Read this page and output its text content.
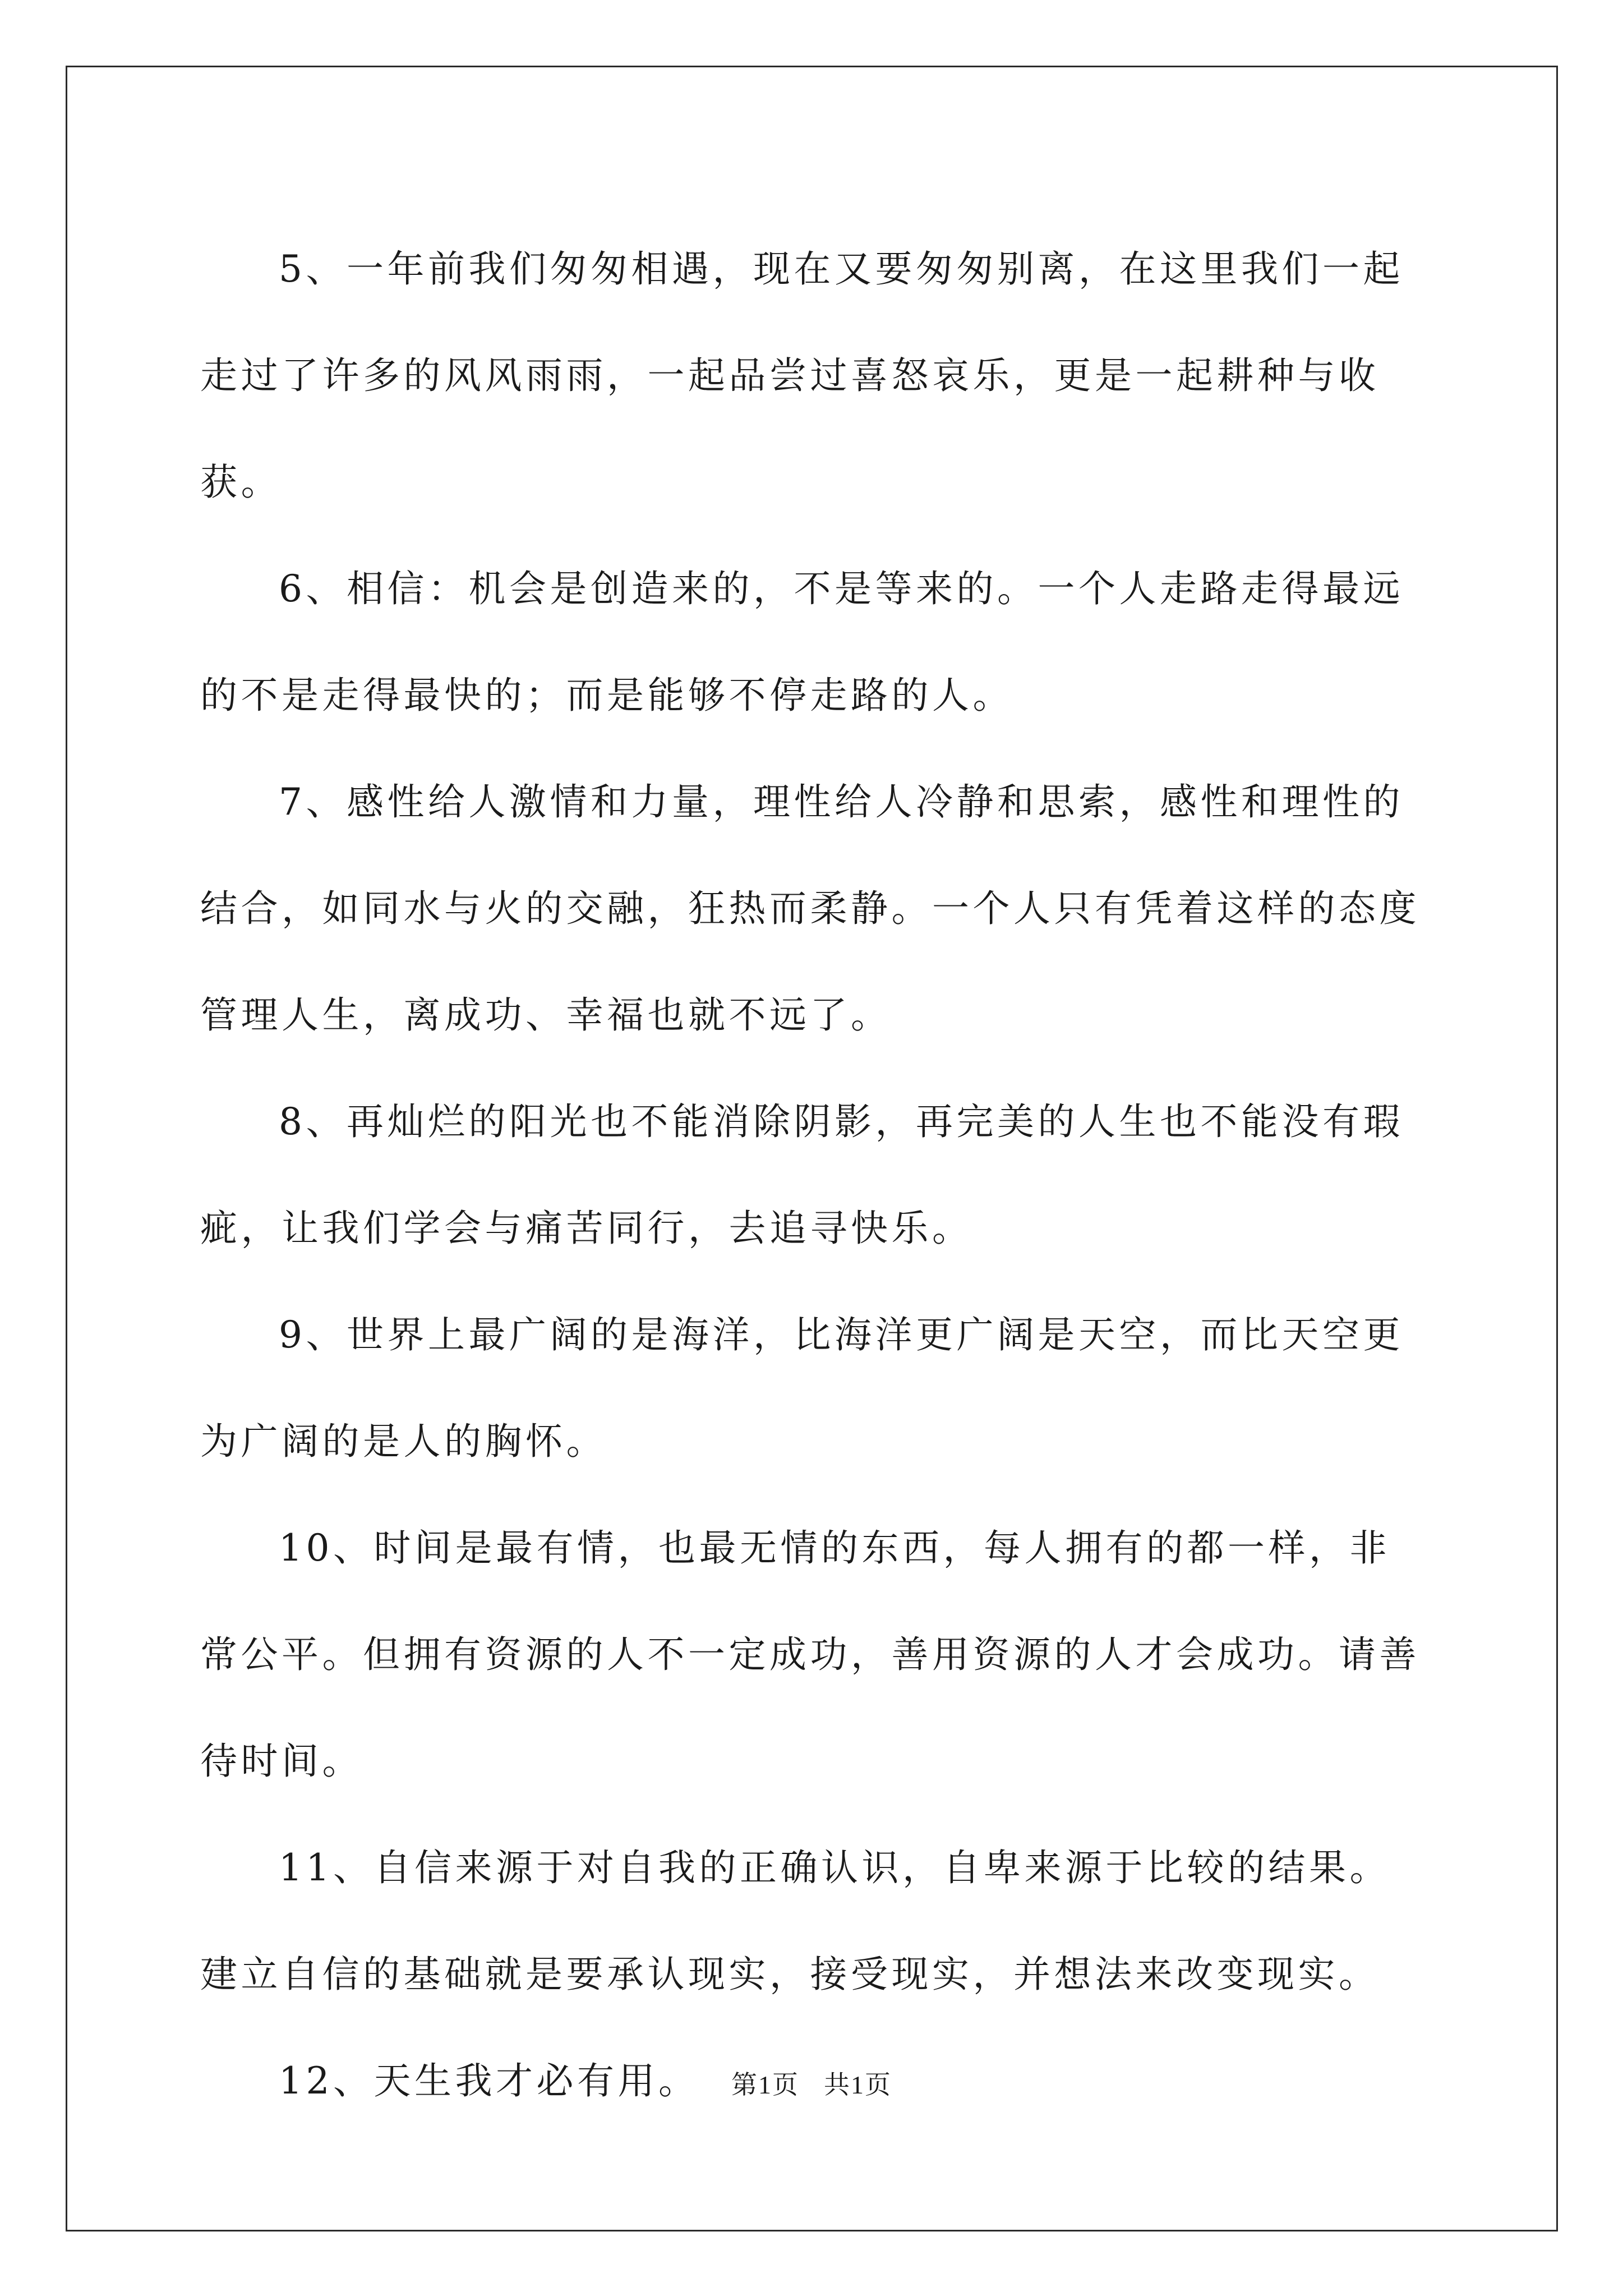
5、一年前我们匆匆相遇，现在又要匆匆别离，在这里我们一起走过了许多的风风雨雨，一起品尝过喜怒哀乐，更是一起耕种与收获。

6、相信：机会是创造来的，不是等来的。一个人走路走得最远的不是走得最快的；而是能够不停走路的人。

7、感性给人激情和力量，理性给人冷静和思索，感性和理性的结合，如同水与火的交融，狂热而柔静。一个人只有凭着这样的态度管理人生，离成功、幸福也就不远了。

8、再灿烂的阳光也不能消除阴影，再完美的人生也不能没有瑕疵，让我们学会与痛苦同行，去追寻快乐。

9、世界上最广阔的是海洋，比海洋更广阔是天空，而比天空更为广阔的是人的胸怀。

10、时间是最有情，也最无情的东西，每人拥有的都一样，非常公平。但拥有资源的人不一定成功，善用资源的人才会成功。请善待时间。

11、自信来源于对自我的正确认识，自卑来源于比较的结果。建立自信的基础就是要承认现实，接受现实，并想法来改变现实。

12、天生我才必有用。	第1页 共1页
